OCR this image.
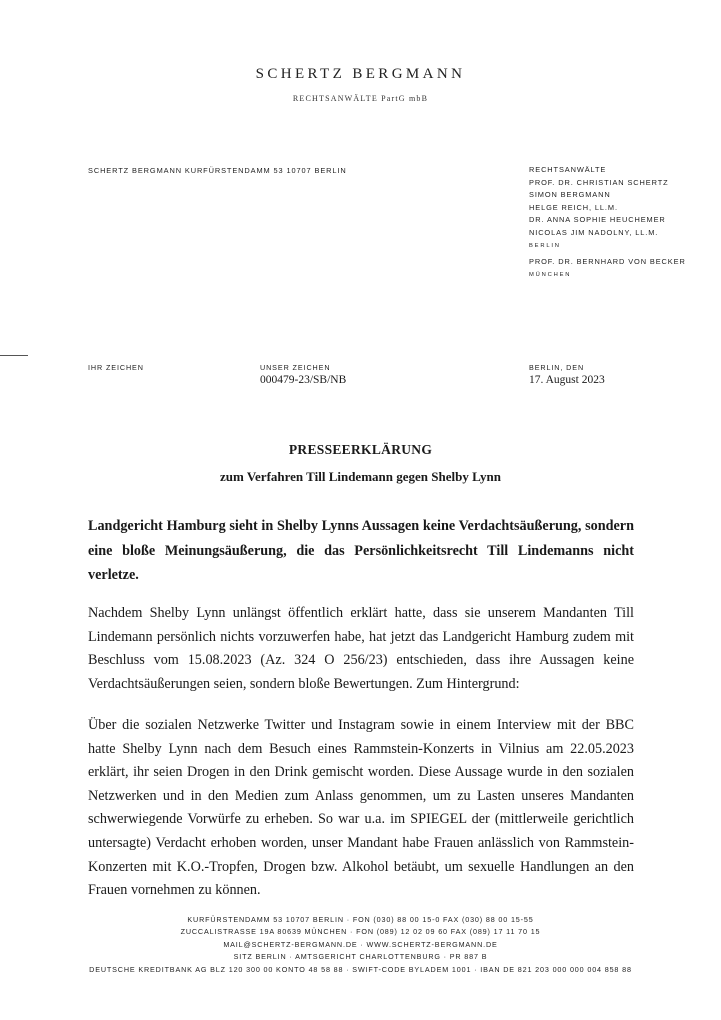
SCHERTZ BERGMANN
RECHTSANWÄLTE PartG mbB
SCHERTZ BERGMANN KURFÜRSTENDAMM 53 10707 BERLIN	RECHTSANWÄLTE
PROF. DR. CHRISTIAN SCHERTZ
SIMON BERGMANN
HELGE REICH, LL.M.
DR. ANNA SOPHIE HEUCHEMER
NICOLAS JIM NADOLNY, LL.M.
BERLIN
PROF. DR. BERNHARD VON BECKER
MÜNCHEN
IHR ZEICHEN	UNSER ZEICHEN
000479-23/SB/NB
BERLIN, DEN
17. August 2023
PRESSEERKLÄRUNG
zum Verfahren Till Lindemann gegen Shelby Lynn
Landgericht Hamburg sieht in Shelby Lynns Aussagen keine Verdachtsäußerung, sondern eine bloße Meinungsäußerung, die das Persönlichkeitsrecht Till Lindemanns nicht verletze.
Nachdem Shelby Lynn unlängst öffentlich erklärt hatte, dass sie unserem Mandanten Till Lindemann persönlich nichts vorzuwerfen habe, hat jetzt das Landgericht Hamburg zudem mit Beschluss vom 15.08.2023 (Az. 324 O 256/23) entschieden, dass ihre Aussagen keine Verdachtsäußerungen seien, sondern bloße Bewertungen. Zum Hintergrund:
Über die sozialen Netzwerke Twitter und Instagram sowie in einem Interview mit der BBC hatte Shelby Lynn nach dem Besuch eines Rammstein-Konzerts in Vilnius am 22.05.2023 erklärt, ihr seien Drogen in den Drink gemischt worden. Diese Aussage wurde in den sozialen Netzwerken und in den Medien zum Anlass genommen, um zu Lasten unseres Mandanten schwerwiegende Vorwürfe zu erheben. So war u.a. im SPIEGEL der (mittlerweile gerichtlich untersagte) Verdacht erhoben worden, unser Mandant habe Frauen anlässlich von Rammstein-Konzerten mit K.O.-Tropfen, Drogen bzw. Alkohol betäubt, um sexuelle Handlungen an den Frauen vornehmen zu können.
KURFÜRSTENDAMM 53 10707 BERLIN · FON (030) 88 00 15-0 FAX (030) 88 00 15-55
ZUCCALISTRASSE 19A 80639 MÜNCHEN · FON (089) 12 02 09 60 FAX (089) 17 11 70 15
MAIL@SCHERTZ-BERGMANN.DE · WWW.SCHERTZ-BERGMANN.DE
SITZ BERLIN · AMTSGERICHT CHARLOTTENBURG · PR 887 B
DEUTSCHE KREDITBANK AG BLZ 120 300 00 KONTO 48 58 88 · SWIFT-CODE BYLADEM 1001 · IBAN DE 821 203 000 000 004 858 88
